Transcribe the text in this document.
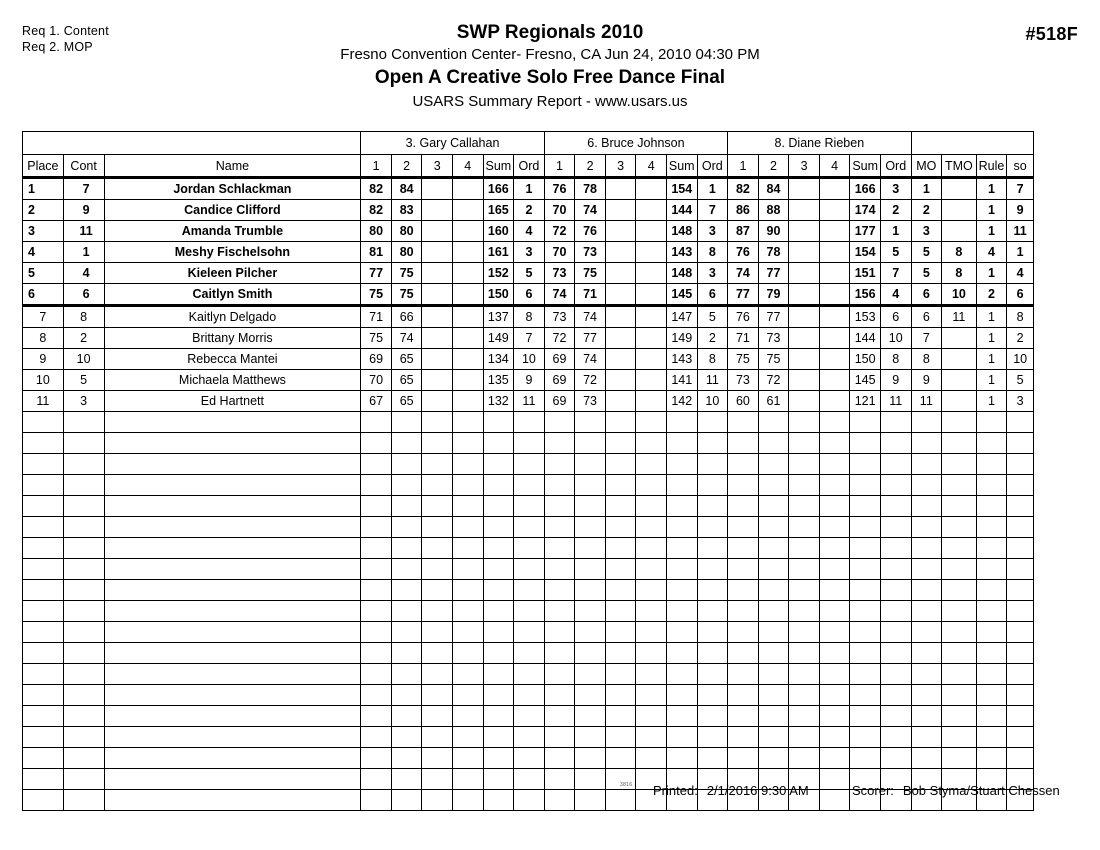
Req 1. Content
Req 2. MOP
#518F
SWP Regionals 2010
Fresno Convention Center- Fresno, CA Jun 24, 2010 04:30 PM
Open A Creative Solo Free Dance Final
USARS Summary Report - www.usars.us
			3. Gary Callahan						6. Bruce Johnson						8. Diane Rieben									
Place	Cont	Name	1	2	3	4	Sum	Ord	1	2	3	4	Sum	Ord	1	2	3	4	Sum	Ord	MO	TMO	Rule	so
1	7	Jordan Schlackman	82	84			166	1	76	78			154	1	82	84			166	3	1		1	7
2	9	Candice Clifford	82	83			165	2	70	74			144	7	86	88			174	2	2		1	9
3	11	Amanda Trumble	80	80			160	4	72	76			148	3	87	90			177	1	3		1	11
4	1	Meshy Fischelsohn	81	80			161	3	70	73			143	8	76	78			154	5	5	8	4	1
5	4	Kieleen Pilcher	77	75			152	5	73	75			148	3	74	77			151	7	5	8	1	4
6	6	Caitlyn Smith	75	75			150	6	74	71			145	6	77	79			156	4	6	10	2	6
7	8	Kaitlyn Delgado	71	66			137	8	73	74			147	5	76	77			153	6	6	11	1	8
8	2	Brittany Morris	75	74			149	7	72	77			149	2	71	73			144	10	7		1	2
9	10	Rebecca Mantei	69	65			134	10	69	74			143	8	75	75			150	8	8		1	10
10	5	Michaela Matthews	70	65			135	9	69	72			141	11	73	72			145	9	9		1	5
11	3	Ed Hartnett	67	65			132	11	69	73			142	10	60	61			121	11	11		1	3

3816 Printed: 2/1/2016 9:30 AM	Scorer: Bob Styma/Stuart Chessen
